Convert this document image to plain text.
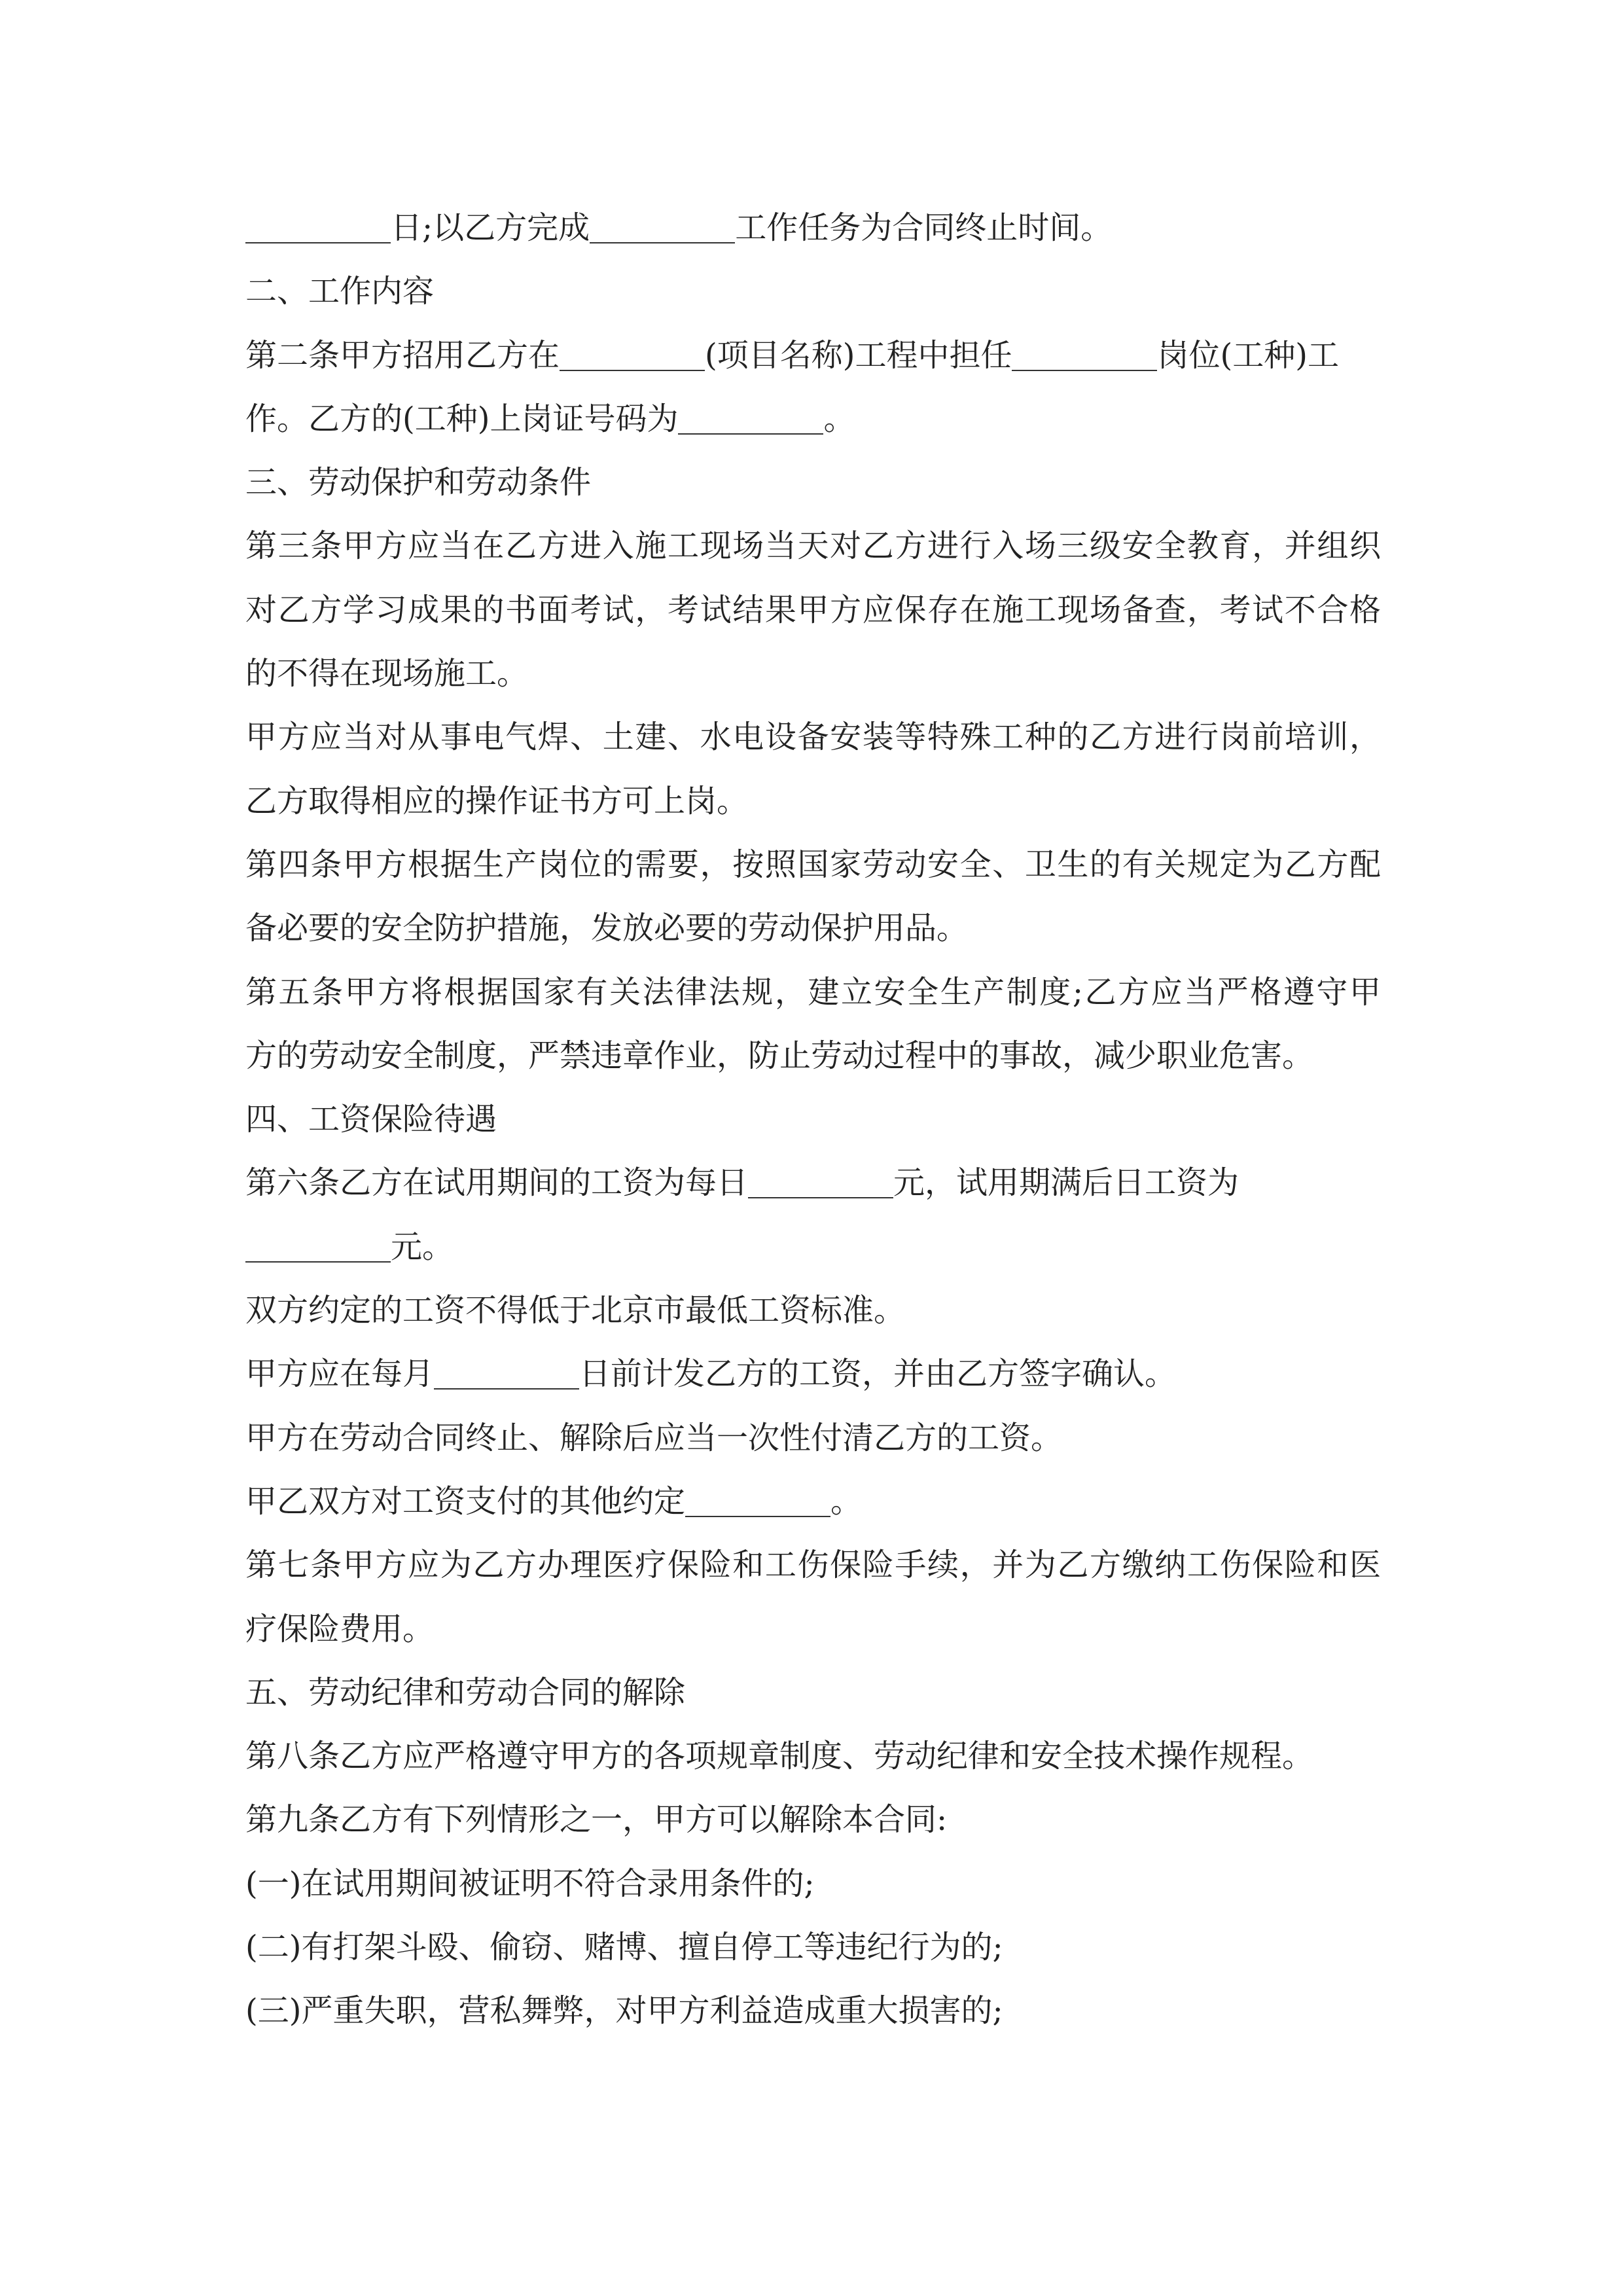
日;以乙方完成	工作任务为合同终止时间。
二、工作内容
第二条甲方招用乙方在	(项目名称)工程中担任	岗位(工种)工
作。乙方的(工种)上岗证号码为	。
三、劳动保护和劳动条件
第三条甲方应当在乙方进入施工现场当天对乙方进行入场三级安全教育，并组织
对乙方学习成果的书面考试，考试结果甲方应保存在施工现场备查，考试不合格
的不得在现场施工。
甲方应当对从事电气焊、土建、水电设备安装等特殊工种的乙方进行岗前培训，
乙方取得相应的操作证书方可上岗。
第四条甲方根据生产岗位的需要，按照国家劳动安全、卫生的有关规定为乙方配
备必要的安全防护措施，发放必要的劳动保护用品。
第五条甲方将根据国家有关法律法规，建立安全生产制度;乙方应当严格遵守甲
方的劳动安全制度，严禁违章作业，防止劳动过程中的事故，减少职业危害。
四、工资保险待遇
第六条乙方在试用期间的工资为每日	元，试用期满后日工资为
元。
双方约定的工资不得低于北京市最低工资标准。
甲方应在每月	日前计发乙方的工资，并由乙方签字确认。
甲方在劳动合同终止、解除后应当一次性付清乙方的工资。
甲乙双方对工资支付的其他约定	。
第七条甲方应为乙方办理医疗保险和工伤保险手续，并为乙方缴纳工伤保险和医
疗保险费用。
五、劳动纪律和劳动合同的解除
第八条乙方应严格遵守甲方的各项规章制度、劳动纪律和安全技术操作规程。
第九条乙方有下列情形之一，甲方可以解除本合同:
(一)在试用期间被证明不符合录用条件的;
(二)有打架斗殴、偷窃、赌博、擅自停工等违纪行为的;
(三)严重失职，营私舞弊，对甲方利益造成重大损害的;
